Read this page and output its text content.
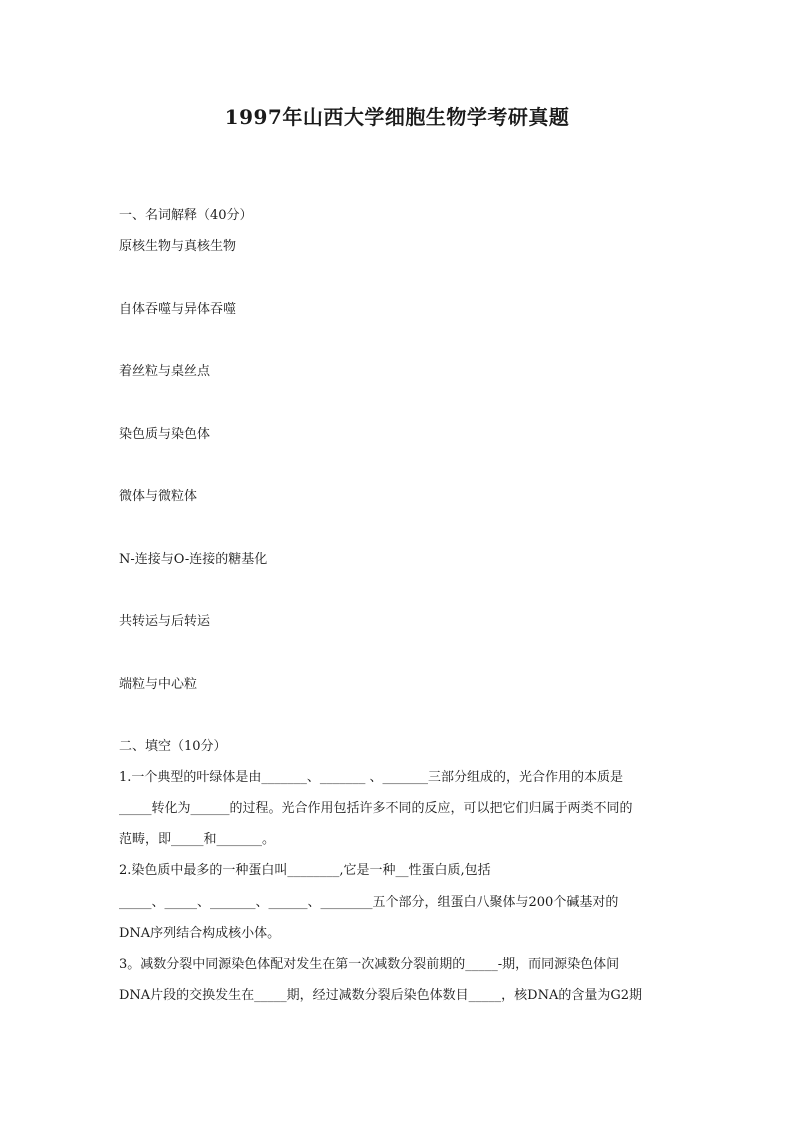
1997年山西大学细胞生物学考研真题
一、名词解释（40分）
原核生物与真核生物
自体吞噬与异体吞噬
着丝粒与桌丝点
染色质与染色体
微体与微粒体
N-连接与O-连接的糖基化
共转运与后转运
端粒与中心粒
二、填空（10分）
1.一个典型的叶绿体是由_______、_______ 、_______三部分组成的，光合作用的本质是
_____转化为______的过程。光合作用包括许多不同的反应，可以把它们归属于两类不同的
范畴，即_____和_______。
2.染色质中最多的一种蛋白叫________,它是一种__性蛋白质,包括
_____、_____、_______、______、________五个部分，组蛋白八聚体与200个碱基对的
DNA序列结合构成核小体。
3。减数分裂中同源染色体配对发生在第一次减数分裂前期的_____-期，而同源染色体间
DNA片段的交换发生在_____期，经过减数分裂后染色体数目_____，核DNA的含量为G2期
